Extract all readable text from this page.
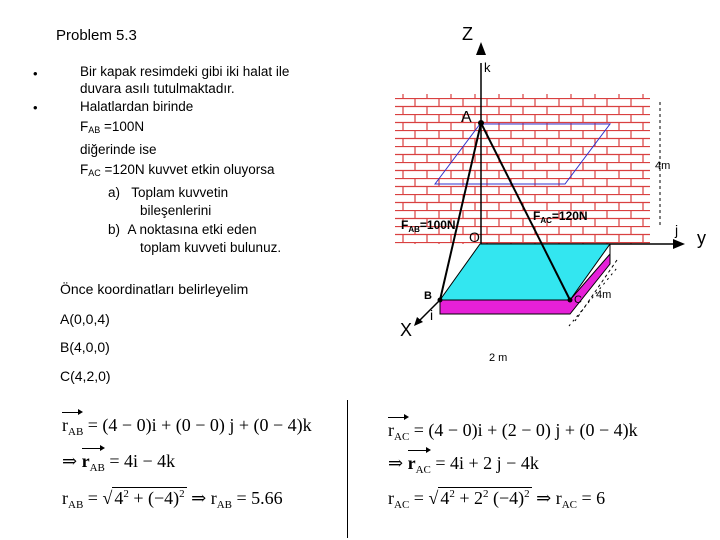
Problem 5.3
•
•
Bir kapak resimdeki gibi iki halat ile
duvara asılı tutulmaktadır.
Halatlardan birinde
$F_{AB} =100N$
diğerinde ise
$F_{AC} =120N$ kuvvet etkin oluyorsa
a) Toplam kuvvetin
bileşenlerini
b) A noktasına etki eden
toplam kuvveti bulunuz.
Önce koordinatları belirleyelim
A(0,0,4)
B(4,0,0)
C(4,2,0)
Z
k
A
4m
j y
$F_{AB}=100N$
$F_{AC}=120N$
O
B	C 4m
2 m
X
i
$r_{AB} = (4 - 0)i + (0 - 0) j + (0 - 4)k$
⇒ $r_{AB} = 4i - 4k$
$r_{AB}$ = √ $4^2 + (-4)^2$ ⇒ $r_{AB} = 5.66$
$r_{AC} = (4 - 0)i + (2 - 0) j + (0 - 4)k$
⇒ $r_{AC} = 4i + 2$ j − 4k
$r_{AC}$ = √ $4^2 + 2^2$ $(-4)^2$ ⇒ $r_{AC} = 6$
